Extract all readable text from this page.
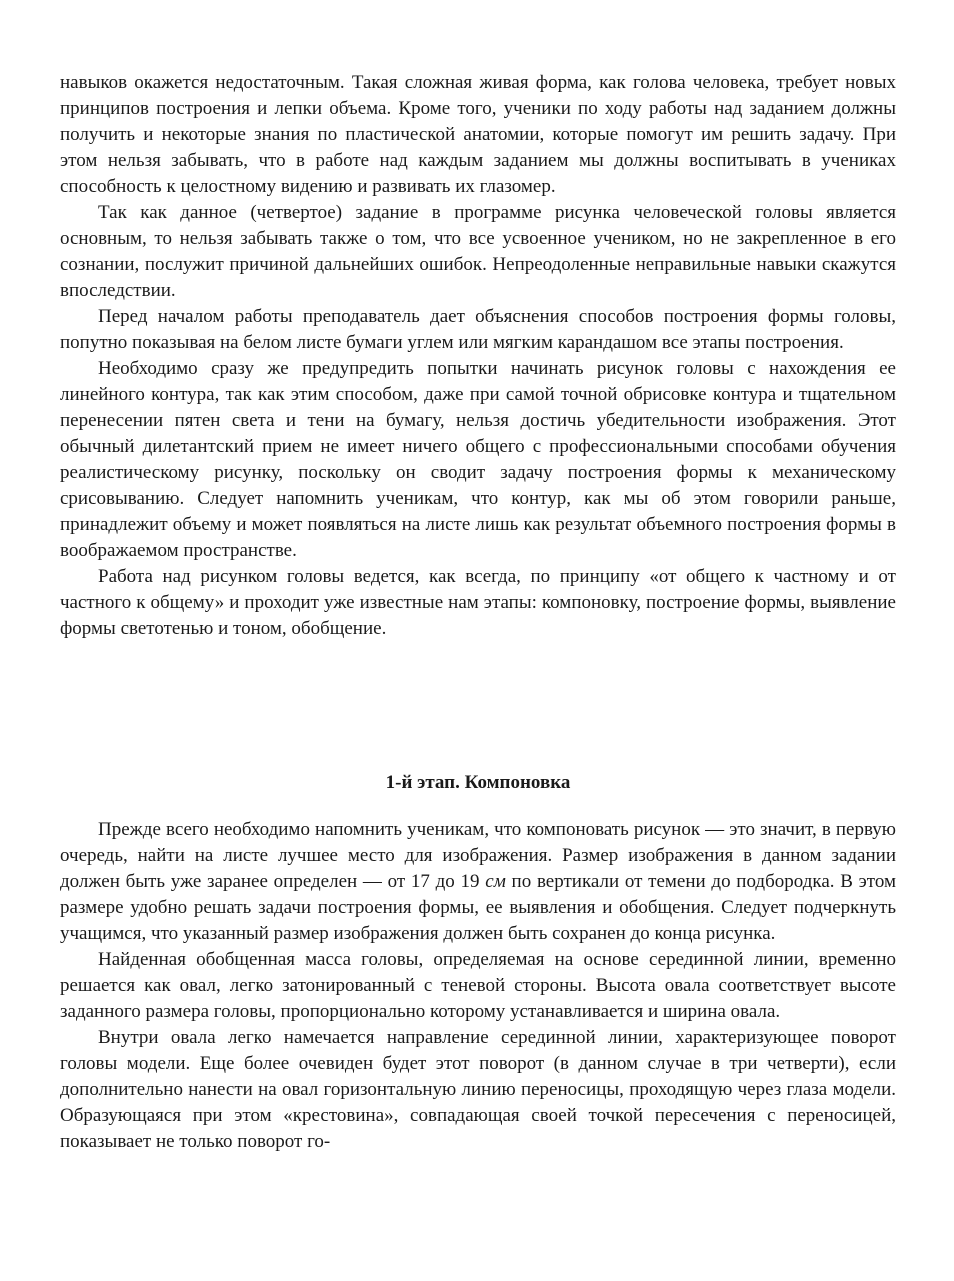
навыков окажется недостаточным. Такая сложная живая форма, как голова человека, требует новых принципов построения и лепки объема. Кроме того, ученики по ходу работы над заданием должны получить и некоторые знания по пластической анатомии, которые помогут им решить задачу. При этом нельзя забывать, что в работе над каждым заданием мы должны воспитывать в учениках способность к целостному видению и развивать их глазомер.

Так как данное (четвертое) задание в программе рисунка человеческой головы является основным, то нельзя забывать также о том, что все усвоенное учеником, но не закрепленное в его сознании, послужит причиной дальнейших ошибок. Непреодоленные неправильные навыки скажутся впоследствии.

Перед началом работы преподаватель дает объяснения способов построения формы головы, попутно показывая на белом листе бумаги углем или мягким карандашом все этапы построения.

Необходимо сразу же предупредить попытки начинать рисунок головы с нахождения ее линейного контура, так как этим способом, даже при самой точной обрисовке контура и тщательном перенесении пятен света и тени на бумагу, нельзя достичь убедительности изображения. Этот обычный дилетантский прием не имеет ничего общего с профессиональными способами обучения реалистическому рисунку, поскольку он сводит задачу построения формы к механическому срисовыванию. Следует напомнить ученикам, что контур, как мы об этом говорили раньше, принадлежит объему и может появляться на листе лишь как результат объемного построения формы в воображаемом пространстве.

Работа над рисунком головы ведется, как всегда, по принципу «от общего к частному и от частного к общему» и проходит уже известные нам этапы: компоновку, построение формы, выявление формы светотенью и тоном, обобщение.

1-й этап. Компоновка

Прежде всего необходимо напомнить ученикам, что компоновать рисунок — это значит, в первую очередь, найти на листе лучшее место для изображения. Размер изображения в данном задании должен быть уже заранее определен — от 17 до 19 см по вертикали от темени до подбородка. В этом размере удобно решать задачи построения формы, ее выявления и обобщения. Следует подчеркнуть учащимся, что указанный размер изображения должен быть сохранен до конца рисунка.

Найденная обобщенная масса головы, определяемая на основе серединной линии, временно решается как овал, легко затонированный с теневой стороны. Высота овала соответствует высоте заданного размера головы, пропорционально которому устанавливается и ширина овала.

Внутри овала легко намечается направление серединной линии, характеризующее поворот головы модели. Еще более очевиден будет этот поворот (в данном случае в три четверти), если дополнительно нанести на овал горизонтальную линию переносицы, проходящую через глаза модели. Образующаяся при этом «крестовина», совпадающая своей точкой пересечения с переносицей, показывает не только поворот го-
